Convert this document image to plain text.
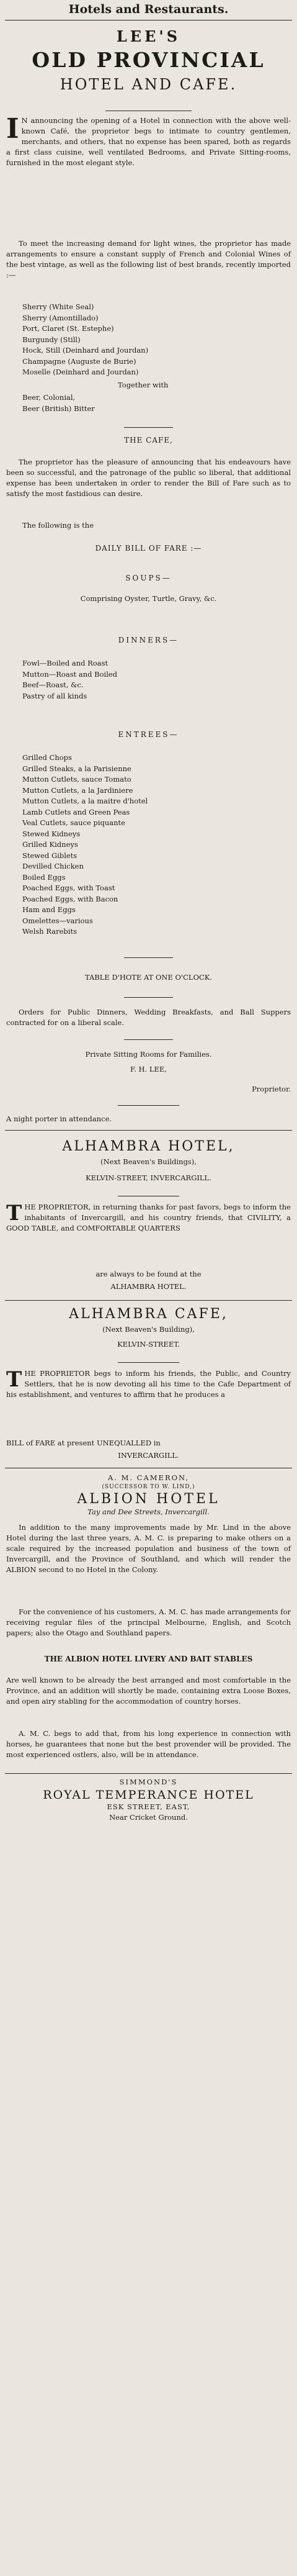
Hotels and Restaurants.
LEE'S
OLD PROVINCIAL
HOTEL AND CAFE.
I N announcing the opening of a Hotel in connection with the above well-known Café, the proprietor begs to intimate to country gentlemen, merchants, and others, that no expense has been spared, both as regards a first class cuisine, well ventilated Bedrooms, and Private Sitting-rooms, furnished in the most elegant style.
To meet the increasing demand for light wines, the proprietor has made arrangements to ensure a constant supply of French and Colonial Wines of the best vintage, as well as the following list of best brands, recently imported :—
Sherry (White Seal)
Sherry (Amontillado)
Port, Claret (St. Estephe)
Burgundy (Still)
Hock, Still (Deinhard and Jourdan)
Champagne (Auguste de Burie)
Moselle (Deinhard and Jourdan)
Together with
Beer, Colonial,
Beer (British) Bitter
THE CAFE,
The proprietor has the pleasure of announcing that his endeavours have been so successful, and the patronage of the public so liberal, that additional expense has been undertaken in order to render the Bill of Fare such as to satisfy the most fastidious can desire.
The following is the
DAILY BILL OF FARE :—
SOUPS—
Comprising Oyster, Turtle, Gravy, &c.
DINNERS—
Fowl—Boiled and Roast
Mutton—Roast and Boiled
Beef—Roast, &c.
Pastry of all kinds
ENTREES—
Grilled Chops
Grilled Steaks, a la Parisienne
Mutton Cutlets, sauce Tomato
Mutton Cutlets, a la Jardiniere
Mutton Cutlets, a la maitre d'hotel
Lamb Cutlets and Green Peas
Veal Cutlets, sauce piquante
Stewed Kidneys
Grilled Kidneys
Stewed Giblets
Devilled Chicken
Boiled Eggs
Poached Eggs, with Toast
Poached Eggs, with Bacon
Ham and Eggs
Omelettes—various
Welsh Rarebits
TABLE D'HOTE AT ONE O'CLOCK.
Orders for Public Dinners, Wedding Breakfasts, and Ball Suppers contracted for on a liberal scale.
Private Sitting Rooms for Families.
F. H. LEE,
Proprietor.
A night porter in attendance.
ALHAMBRA HOTEL,
(Next Beaven's Buildings),
KELVIN-STREET, INVERCARGILL.
THE PROPRIETOR, in returning thanks for past favors, begs to inform the inhabitants of Invercargill, and his country friends, that CIVILITY, a GOOD TABLE, and COMFORTABLE QUARTERS
are always to be found at the
ALHAMBRA HOTEL.
ALHAMBRA CAFE,
(Next Beaven's Building),
KELVIN-STREET.
THE PROPRIETOR begs to inform his friends, the Public, and Country Settlers, that he is now devoting all his time to the Cafe Department of his establishment, and ventures to affirm that he produces a
BILL of FARE at present UNEQUALLED in
INVERCARGILL.
A. M. CAMERON,
(SUCCESSOR TO W. LIND,)
ALBION HOTEL
Tay and Dee Streets, Invercargill.
In addition to the many improvements made by Mr. Lind in the above Hotel during the last three years, A. M. C. is preparing to make others on a scale required by the increased population and business of the town of Invercargill, and the Province of Southland, and which will render the ALBION second to no Hotel in the Colony.
For the convenience of his customers, A. M. C. has made arrangements for receiving regular files of the principal Melbourne, English, and Scotch papers; also the Otago and Southland papers.
THE ALBION HOTEL LIVERY AND BAIT STABLES
Are well known to be already the best arranged and most comfortable in the Province, and an addition will shortly be made, containing extra Loose Boxes, and open airy stabling for the accommodation of country horses.
A. M. C. begs to add that, from his long experience in connection with horses, he guarantees that none but the best provender will be provided. The most experienced ostlers, also, will be in attendance.
SIMMOND'S
ROYAL TEMPERANCE HOTEL
ESK STREET, EAST,
Near Cricket Ground.
